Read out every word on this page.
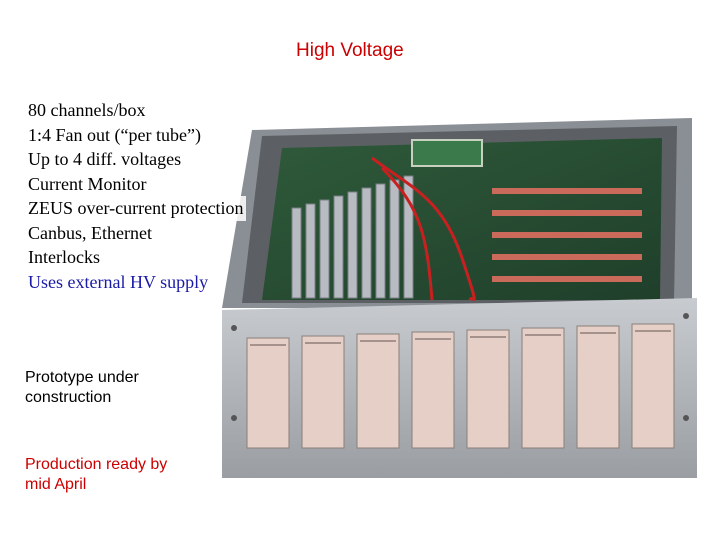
High Voltage
80 channels/box
1:4 Fan out (“per tube”)
Up to 4 diff. voltages
Current Monitor
ZEUS over-current protection
Canbus, Ethernet
Interlocks
Uses external HV supply
Prototype under construction
Production ready by mid April
